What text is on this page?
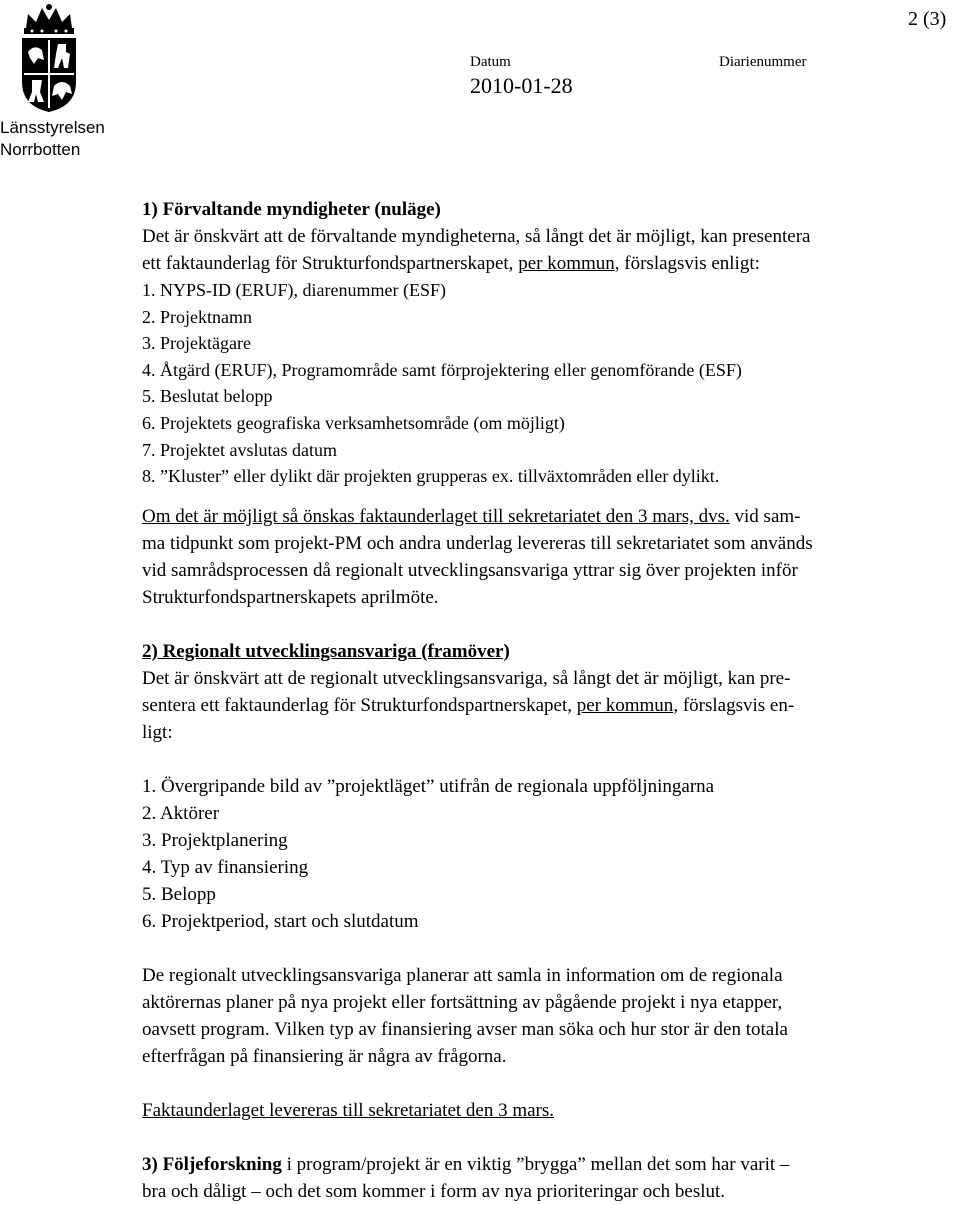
2 (3)
Länsstyrelsen
Norrbotten
Datum
2010-01-28
Diarienummer

1) Förvaltande myndigheter (nuläge)

Det är önskvärt att de förvaltande myndigheterna, så långt det är möjligt, kan presentera

ett faktaunderlag för Strukturfondspartnerskapet, per kommun, förslagsvis enligt:

1. NYPS-ID (ERUF), diarenummer (ESF)
2. Projektnamn
3. Projektägare
4. Åtgärd (ERUF), Programområde samt förprojektering eller genomförande (ESF)
5. Beslutat belopp
6. Projektets geografiska verksamhetsområde (om möjligt)
7. Projektet avslutas datum
8. ”Kluster” eller dylikt där projekten grupperas ex. tillväxtområden eller dylikt.

Om det är möjligt så önskas faktaunderlaget till sekretariatet den 3 mars, dvs. vid sam-

ma tidpunkt som projekt-PM och andra underlag levereras till sekretariatet som används

vid samrådsprocessen då regionalt utvecklingsansvariga yttrar sig över projekten inför

Strukturfondspartnerskapets aprilmöte.

2) Regionalt utvecklingsansvariga (framöver)

Det är önskvärt att de regionalt utvecklingsansvariga, så långt det är möjligt, kan pre-

sentera ett faktaunderlag för Strukturfondspartnerskapet, per kommun, förslagsvis en-

ligt:

1. Övergripande bild av ”projektläget” utifrån de regionala uppföljningarna
2. Aktörer
3. Projektplanering
4. Typ av finansiering
5. Belopp
6. Projektperiod, start och slutdatum

De regionalt utvecklingsansvariga planerar att samla in information om de regionala

aktörernas planer på nya projekt eller fortsättning av pågående projekt i nya etapper,

oavsett program. Vilken typ av finansiering avser man söka och hur stor är den totala

efterfrågan på finansiering är några av frågorna.

Faktaunderlaget levereras till sekretariatet den 3 mars.

3) Följeforskning i program/projekt är en viktig ”brygga” mellan det som har varit –

bra och dåligt – och det som kommer i form av nya prioriteringar och beslut.
